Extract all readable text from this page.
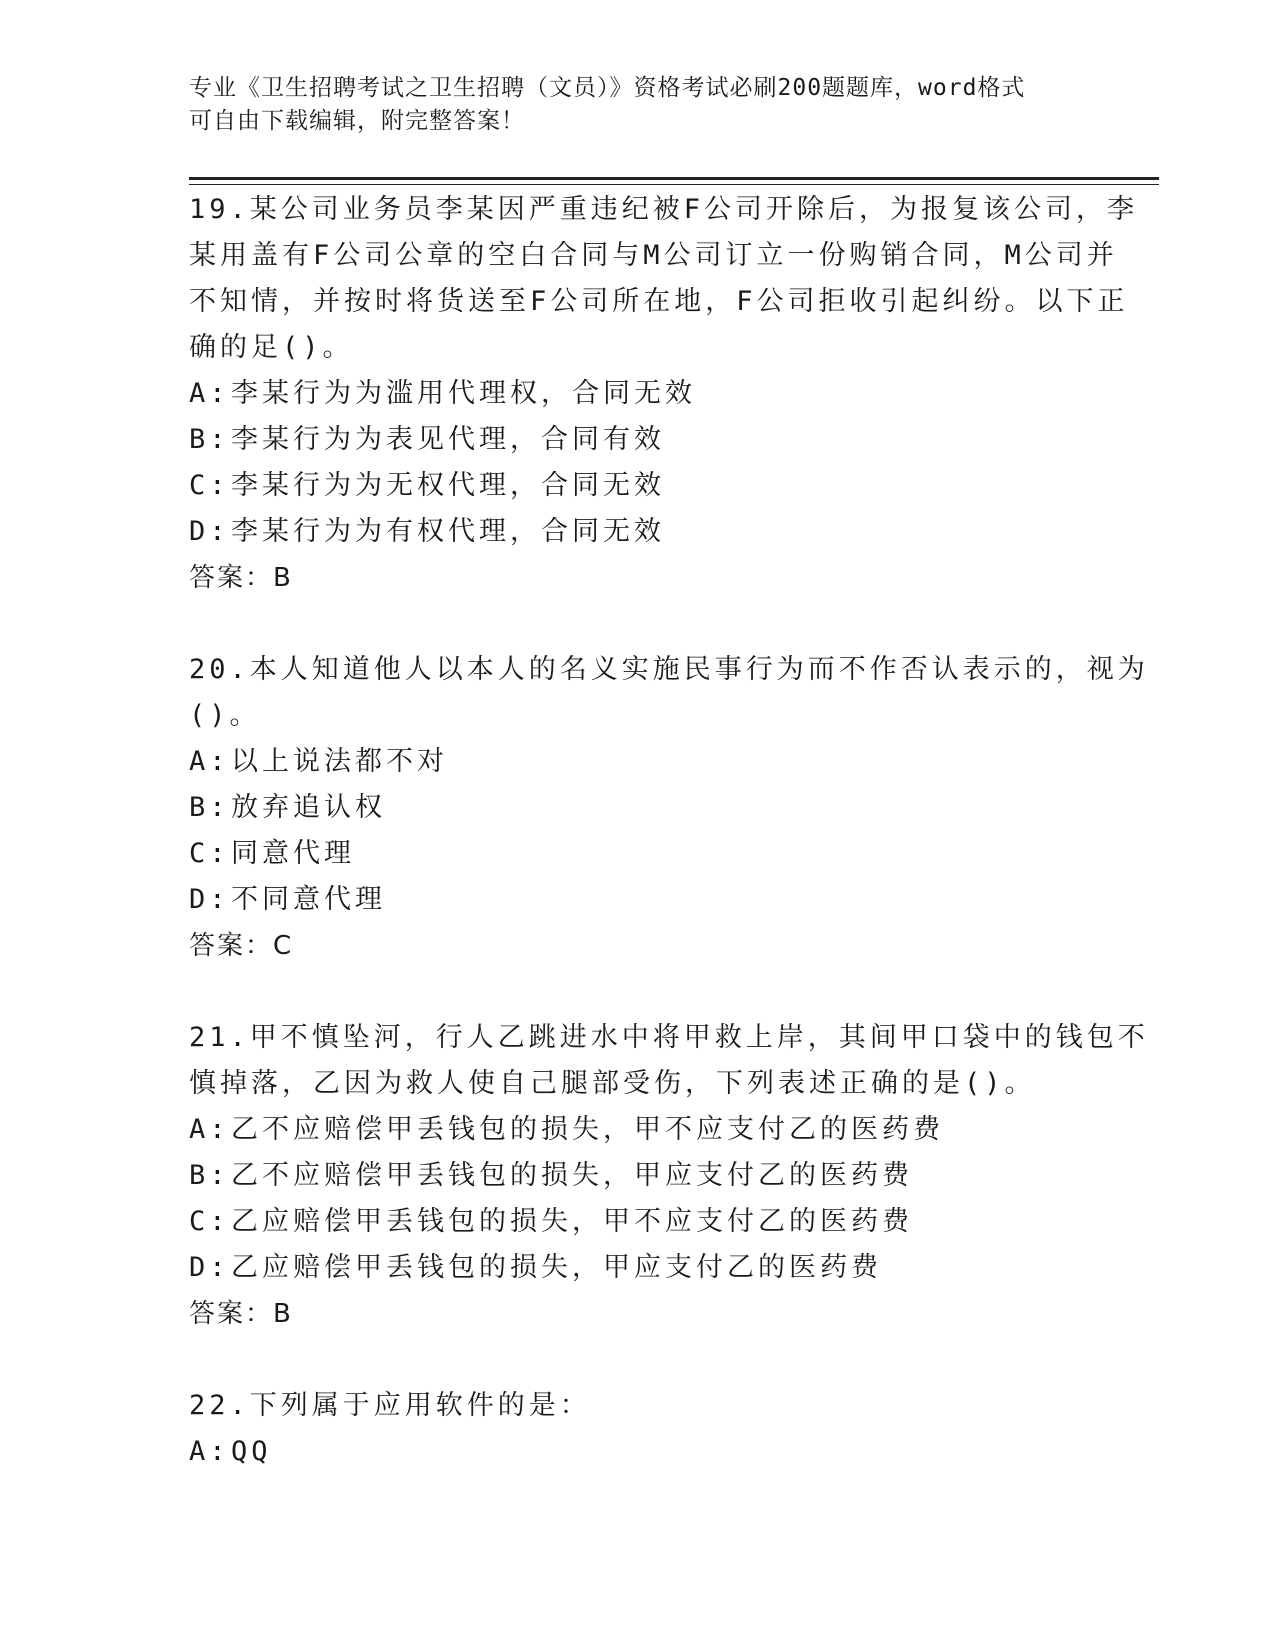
专业《卫生招聘考试之卫生招聘（文员）》资格考试必刷200题题库，word格式
可自由下载编辑，附完整答案！
19.某公司业务员李某因严重违纪被F公司开除后，为报复该公司，李
某用盖有F公司公章的空白合同与M公司订立一份购销合同，M公司并
不知情，并按时将货送至F公司所在地，F公司拒收引起纠纷。以下正
确的足()。
A:李某行为为滥用代理权，合同无效
B:李某行为为表见代理，合同有效
C:李某行为为无权代理，合同无效
D:李某行为为有权代理，合同无效
答案：B
20.本人知道他人以本人的名义实施民事行为而不作否认表示的，视为
()。
A:以上说法都不对
B:放弃追认权
C:同意代理
D:不同意代理
答案：C
21.甲不慎坠河，行人乙跳进水中将甲救上岸，其间甲口袋中的钱包不
慎掉落，乙因为救人使自己腿部受伤，下列表述正确的是()。
A:乙不应赔偿甲丢钱包的损失，甲不应支付乙的医药费
B:乙不应赔偿甲丢钱包的损失，甲应支付乙的医药费
C:乙应赔偿甲丢钱包的损失，甲不应支付乙的医药费
D:乙应赔偿甲丢钱包的损失，甲应支付乙的医药费
答案：B
22.下列属于应用软件的是：
A:QQ
